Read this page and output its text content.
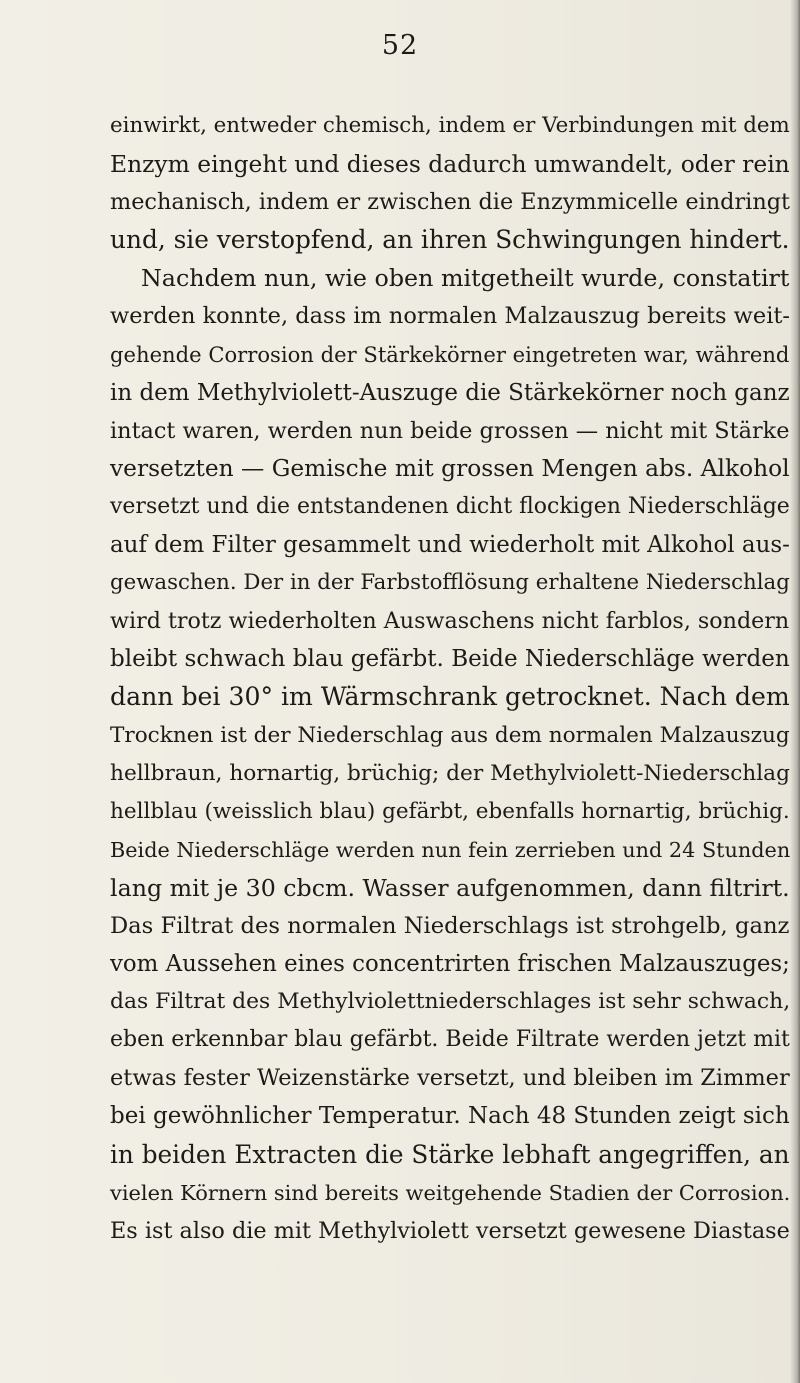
52
einwirkt, entweder chemisch, indem er Verbindungen mit dem
Enzym eingeht und dieses dadurch umwandelt, oder rein
mechanisch, indem er zwischen die Enzymmicelle eindringt
und, sie verstopfend, an ihren Schwingungen hindert.
Nachdem nun, wie oben mitgetheilt wurde, constatirt
werden konnte, dass im normalen Malzauszug bereits weit-
gehende Corrosion der Stärkekörner eingetreten war, während
in dem Methylviolett-Auszuge die Stärkekörner noch ganz
intact waren, werden nun beide grossen — nicht mit Stärke
versetzten — Gemische mit grossen Mengen abs. Alkohol
versetzt und die entstandenen dicht flockigen Niederschläge
auf dem Filter gesammelt und wiederholt mit Alkohol aus-
gewaschen. Der in der Farbstofflösung erhaltene Niederschlag
wird trotz wiederholten Auswaschens nicht farblos, sondern
bleibt schwach blau gefärbt. Beide Niederschläge werden
dann bei 30° im Wärmschrank getrocknet. Nach dem
Trocknen ist der Niederschlag aus dem normalen Malzauszug
hellbraun, hornartig, brüchig; der Methylviolett-Niederschlag
hellblau (weisslich blau) gefärbt, ebenfalls hornartig, brüchig.
Beide Niederschläge werden nun fein zerrieben und 24 Stunden
lang mit je 30 cbcm. Wasser aufgenommen, dann filtrirt.
Das Filtrat des normalen Niederschlags ist strohgelb, ganz
vom Aussehen eines concentrirten frischen Malzauszuges;
das Filtrat des Methylviolettniederschlages ist sehr schwach,
eben erkennbar blau gefärbt. Beide Filtrate werden jetzt mit
etwas fester Weizenstärke versetzt, und bleiben im Zimmer
bei gewöhnlicher Temperatur. Nach 48 Stunden zeigt sich
in beiden Extracten die Stärke lebhaft angegriffen, an
vielen Körnern sind bereits weitgehende Stadien der Corrosion.
Es ist also die mit Methylviolett versetzt gewesene Diastase
